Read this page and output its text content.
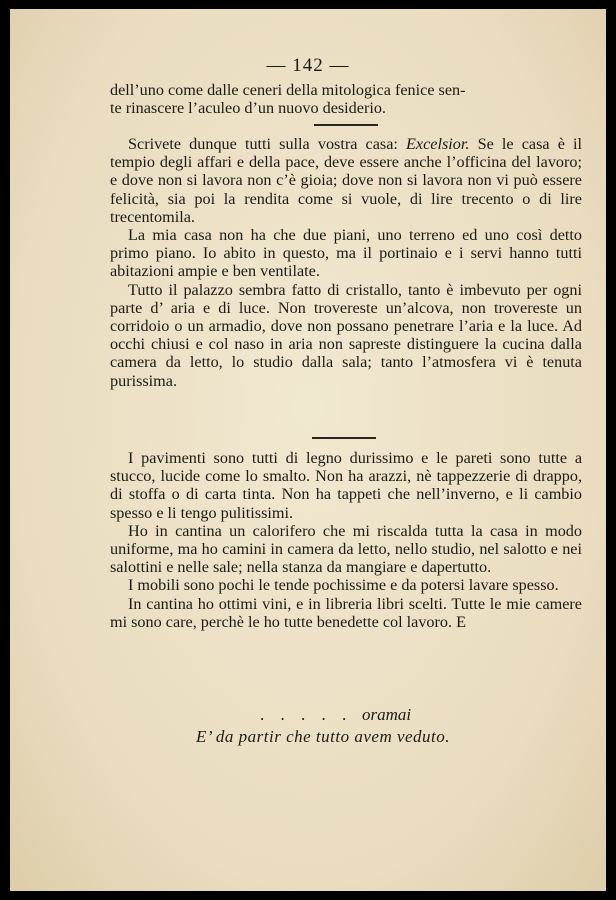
— 142 —

dell’uno come dalle ceneri della mitologica fenice sen-

te rinascere l’aculeo d’un nuovo desiderio.

Scrivete dunque tutti sulla vostra casa: Excelsior. Se le casa è il tempio degli affari e della pace, deve essere anche l’officina del lavoro; e dove non si lavora non c’è gioia; dove non si lavora non vi può essere felicità, sia poi la rendita come si vuole, di lire trecento o di lire trecentomila.

La mia casa non ha che due piani, uno terreno ed uno così detto primo piano. Io abito in questo, ma il portinaio e i servi hanno tutti abitazioni ampie e ben ventilate.

Tutto il palazzo sembra fatto di cristallo, tanto è imbevuto per ogni parte d’ aria e di luce. Non trovereste un’alcova, non trovereste un corridoio o un armadio, dove non possano penetrare l’aria e la luce. Ad occhi chiusi e col naso in aria non sapreste distinguere la cucina dalla camera da letto, lo studio dalla sala; tanto l’atmosfera vi è tenuta purissima.

I pavimenti sono tutti di legno durissimo e le pareti sono tutte a stucco, lucide come lo smalto. Non ha arazzi, nè tappezzerie di drappo, di stoffa o di carta tinta. Non ha tappeti che nell’inverno, e li cambio spesso e li tengo pulitissimi.

Ho in cantina un calorifero che mi riscalda tutta la casa in modo uniforme, ma ho camini in camera da letto, nello studio, nel salotto e nei salottini e nelle sale; nella stanza da mangiare e dapertutto.

I mobili sono pochi le tende pochissime e da potersi lavare spesso.

In cantina ho ottimi vini, e in libreria libri scelti. Tutte le mie camere mi sono care, perchè le ho tutte benedette col lavoro. E

. . . . . oramai
E’ da partir che tutto avem veduto.
